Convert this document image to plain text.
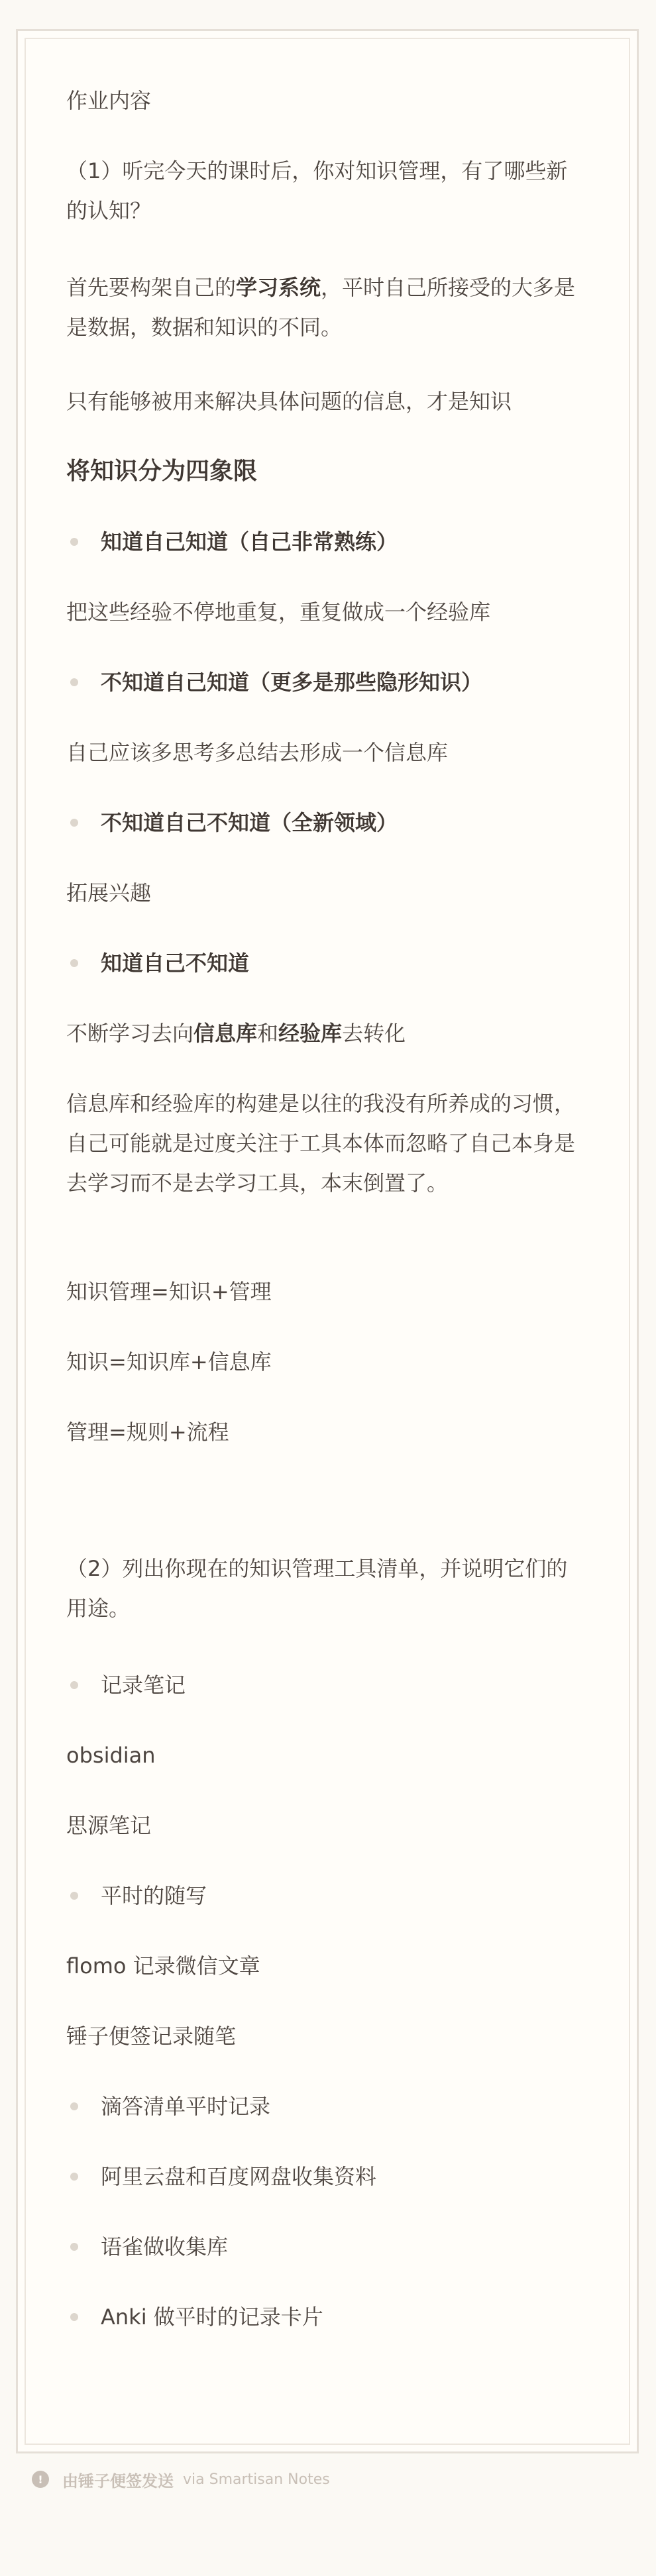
作业内容

（1）听完今天的课时后，你对知识管理，有了哪些新的认知？

首先要构架自己的学习系统，平时自己所接受的大多是是数据，数据和知识的不同。

只有能够被用来解决具体问题的信息，才是知识

将知识分为四象限

知道自己知道（自己非常熟练）

把这些经验不停地重复，重复做成一个经验库

不知道自己知道（更多是那些隐形知识）

自己应该多思考多总结去形成一个信息库

不知道自己不知道（全新领域）

拓展兴趣

知道自己不知道

不断学习去向信息库和经验库去转化

信息库和经验库的构建是以往的我没有所养成的习惯，自己可能就是过度关注于工具本体而忽略了自己本身是去学习而不是去学习工具，本末倒置了。

知识管理=知识+管理

知识=知识库+信息库

管理=规则+流程

（2）列出你现在的知识管理工具清单，并说明它们的用途。

记录笔记

obsidian

思源笔记

平时的随写

flomo 记录微信文章

锤子便签记录随笔

滴答清单平时记录
阿里云盘和百度网盘收集资料
语雀做收集库
Anki 做平时的记录卡片
!	由锤子便签发送 via Smartisan Notes
